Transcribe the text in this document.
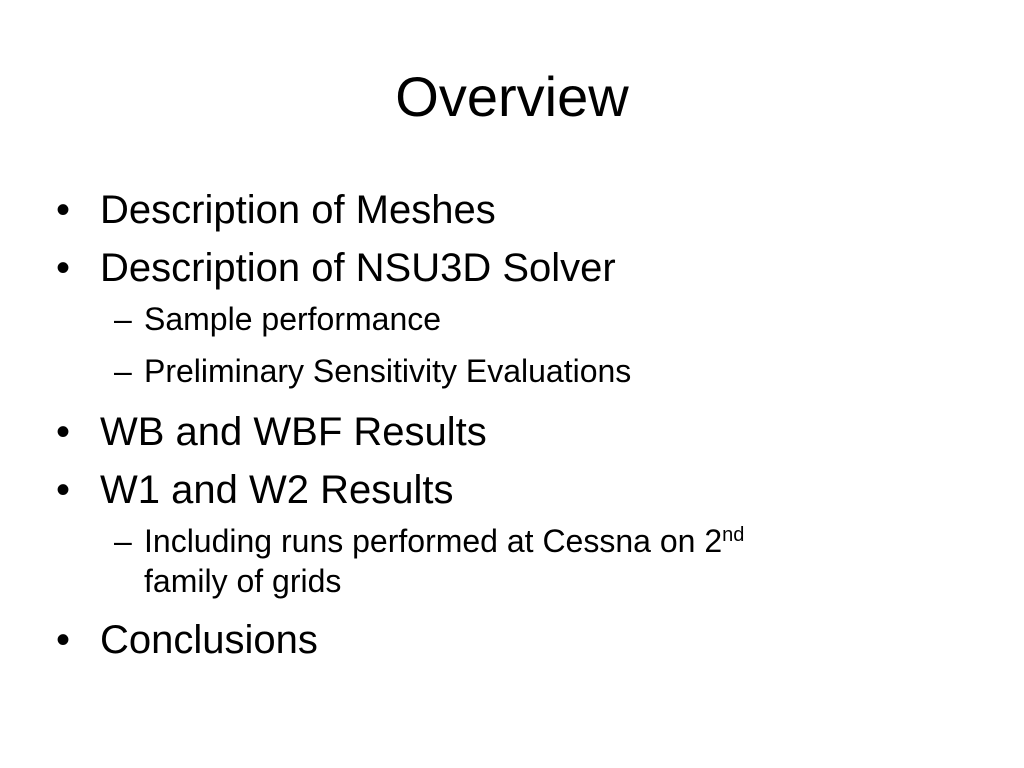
Overview
• Description of Meshes
• Description of NSU3D Solver
– Sample performance
– Preliminary Sensitivity Evaluations
• WB and WBF Results
• W1 and W2 Results
– Including runs performed at Cessna on 2nd
family of grids
• Conclusions
